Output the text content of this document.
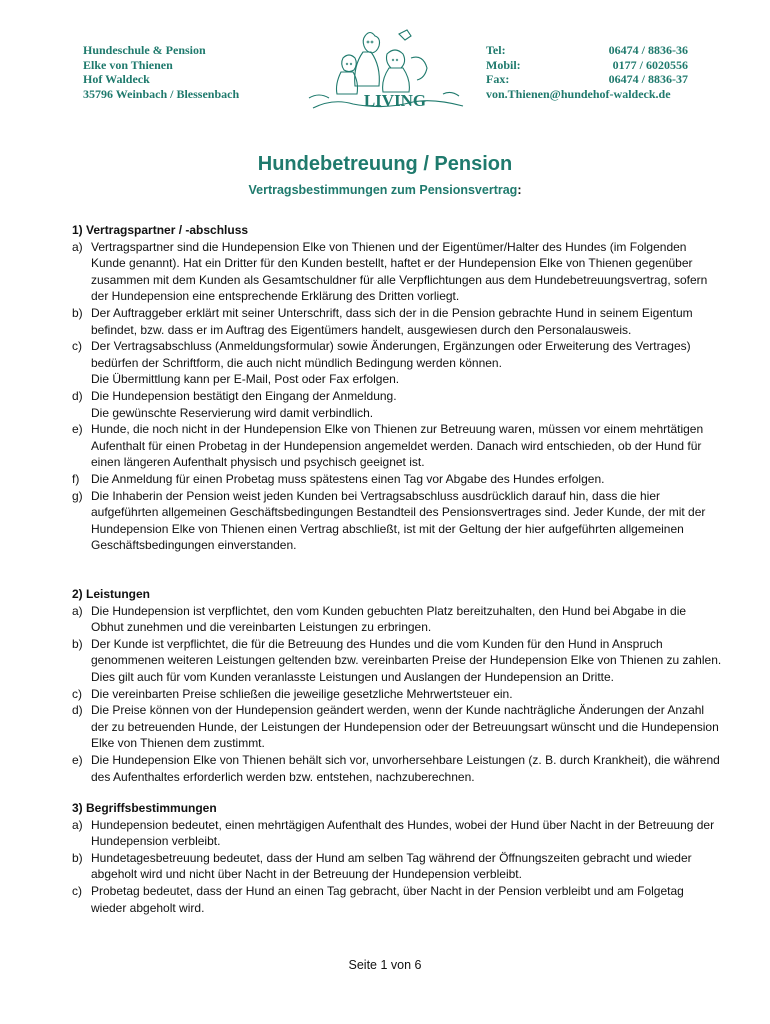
Hundeschule & Pension
Elke von Thienen
Hof Waldeck
35796 Weinbach / Blessenbach	LIVING
Tel:	06474 / 8836-36
Mobil:	0177 / 6020556
Fax:	06474 / 8836-37
von.Thienen@hundehof-waldeck.de
Hundebetreuung / Pension
Vertragsbestimmungen zum Pensionsvertrag:
1) Vertragspartner / -abschluss
a) Vertragspartner sind die Hundepension Elke von Thienen und der Eigentümer/Halter des Hundes (im Folgenden Kunde genannt). Hat ein Dritter für den Kunden bestellt, haftet er der Hundepension Elke von Thienen gegenüber zusammen mit dem Kunden als Gesamtschuldner für alle Verpflichtungen aus dem Hundebetreuungsvertrag, sofern der Hundepension eine entsprechende Erklärung des Dritten vorliegt.
b) Der Auftraggeber erklärt mit seiner Unterschrift, dass sich der in die Pension gebrachte Hund in seinem Eigentum befindet, bzw. dass er im Auftrag des Eigentümers handelt, ausgewiesen durch den Personalausweis.
c) Der Vertragsabschluss (Anmeldungsformular) sowie Änderungen, Ergänzungen oder Erweiterung des Vertrages) bedürfen der Schriftform, die auch nicht mündlich Bedingung werden können.
Die Übermittlung kann per E-Mail, Post oder Fax erfolgen.
d) Die Hundepension bestätigt den Eingang der Anmeldung.
Die gewünschte Reservierung wird damit verbindlich.
e) Hunde, die noch nicht in der Hundepension Elke von Thienen zur Betreuung waren, müssen vor einem mehrtätigen Aufenthalt für einen Probetag in der Hundepension angemeldet werden. Danach wird entschieden, ob der Hund für einen längeren Aufenthalt physisch und psychisch geeignet ist.
f) Die Anmeldung für einen Probetag muss spätestens einen Tag vor Abgabe des Hundes erfolgen.
g) Die Inhaberin der Pension weist jeden Kunden bei Vertragsabschluss ausdrücklich darauf hin, dass die hier aufgeführten allgemeinen Geschäftsbedingungen Bestandteil des Pensionsvertrages sind. Jeder Kunde, der mit der Hundepension Elke von Thienen einen Vertrag abschließt, ist mit der Geltung der hier aufgeführten allgemeinen Geschäftsbedingungen einverstanden.
2) Leistungen
a) Die Hundepension ist verpflichtet, den vom Kunden gebuchten Platz bereitzuhalten, den Hund bei Abgabe in die Obhut zunehmen und die vereinbarten Leistungen zu erbringen.
b) Der Kunde ist verpflichtet, die für die Betreuung des Hundes und die vom Kunden für den Hund in Anspruch genommenen weiteren Leistungen geltenden bzw. vereinbarten Preise der Hundepension Elke von Thienen zu zahlen. Dies gilt auch für vom Kunden veranlasste Leistungen und Auslangen der Hundepension an Dritte.
c) Die vereinbarten Preise schließen die jeweilige gesetzliche Mehrwertsteuer ein.
d) Die Preise können von der Hundepension geändert werden, wenn der Kunde nachträgliche Änderungen der Anzahl der zu betreuenden Hunde, der Leistungen der Hundepension oder der Betreuungsart wünscht und die Hundepension Elke von Thienen dem zustimmt.
e) Die Hundepension Elke von Thienen behält sich vor, unvorhersehbare Leistungen (z. B. durch Krankheit), die während des Aufenthaltes erforderlich werden bzw. entstehen, nachzuberechnen.
3) Begriffsbestimmungen
a) Hundepension bedeutet, einen mehrtägigen Aufenthalt des Hundes, wobei der Hund über Nacht in der Betreuung der Hundepension verbleibt.
b) Hundetagesbetreuung bedeutet, dass der Hund am selben Tag während der Öffnungszeiten gebracht und wieder abgeholt wird und nicht über Nacht in der Betreuung der Hundepension verbleibt.
c) Probetag bedeutet, dass der Hund an einen Tag gebracht, über Nacht in der Pension verbleibt und am Folgetag wieder abgeholt wird.
Seite 1 von 6
